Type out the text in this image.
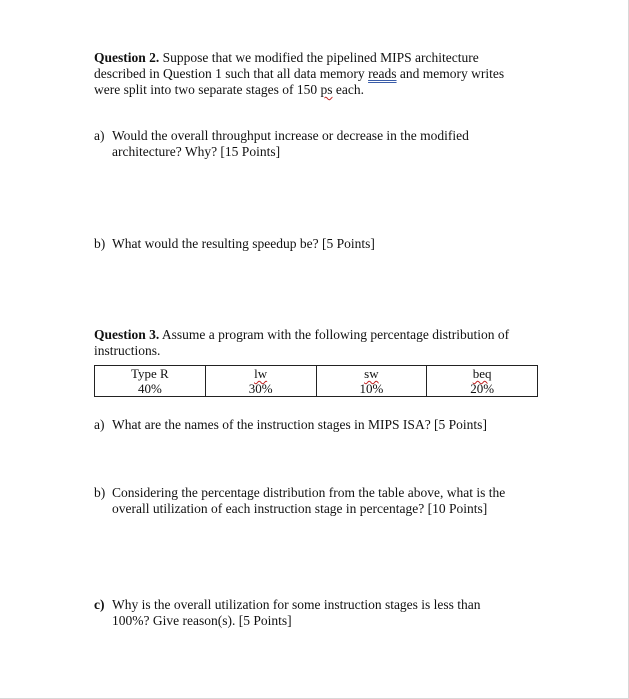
Question 2. Suppose that we modified the pipelined MIPS architecture
described in Question 1 such that all data memory reads and memory writes
were split into two separate stages of 150 ps each.
a) Would the overall throughput increase or decrease in the modified
architecture? Why? [15 Points]
b) What would the resulting speedup be? [5 Points]
Question 3. Assume a program with the following percentage distribution of
instructions.
Type R	lw	sw	beq
40%	30%	10%	20%
a) What are the names of the instruction stages in MIPS ISA? [5 Points]
b) Considering the percentage distribution from the table above, what is the
overall utilization of each instruction stage in percentage? [10 Points]
c) Why is the overall utilization for some instruction stages is less than
100%? Give reason(s). [5 Points]
